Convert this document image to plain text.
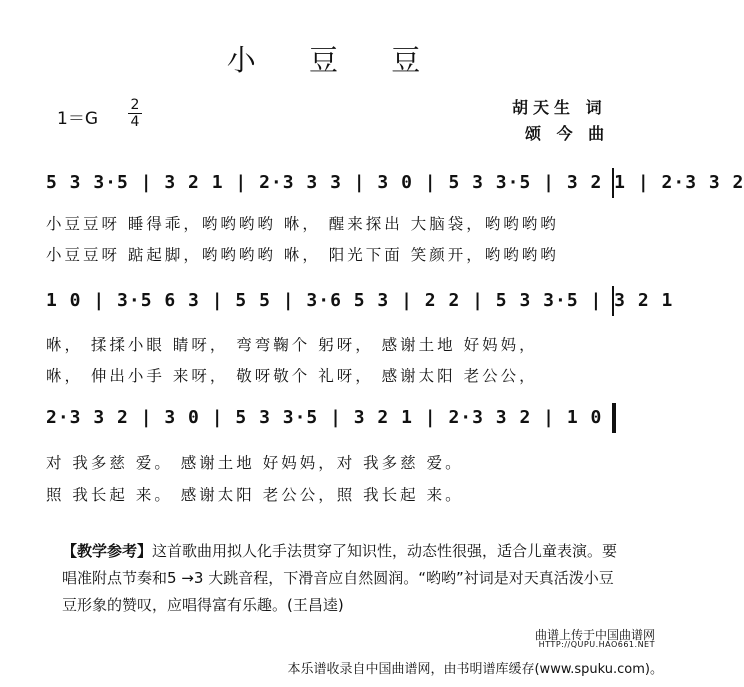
小 豆 豆
1＝G
2
4
胡天生 词
颂 今 曲
5 3 3·5 | 3 2 1 | 2·3 3 3 | 3 0 | 5 3 3·5 | 3 2 1 | 2·3 3 2
小豆豆呀 睡得乖，哟哟哟哟 咻， 醒来探出 大脑袋，哟哟哟哟
小豆豆呀 踮起脚，哟哟哟哟 咻， 阳光下面 笑颜开，哟哟哟哟
1 0 | 3·5 6 3 | 5 5 | 3·6 5 3 | 2 2 | 5 3 3·5 | 3 2 1
咻， 揉揉小眼 睛呀， 弯弯鞠个 躬呀， 感谢土地 好妈妈，
咻， 伸出小手 来呀， 敬呀敬个 礼呀， 感谢太阳 老公公，
2·3 3 2 | 3 0 | 5 3 3·5 | 3 2 1 | 2·3 3 2 | 1 0
对 我多慈 爱。 感谢土地 好妈妈，对 我多慈 爱。
照 我长起 来。 感谢太阳 老公公，照 我长起 来。
【教学参考】这首歌曲用拟人化手法贯穿了知识性，动态性很强，适合儿童表演。要唱准附点节奏和5 →3 大跳音程，下滑音应自然圆润。“哟哟”衬词是对天真活泼小豆豆形象的赞叹，应唱得富有乐趣。(王昌逵)
曲谱上传于中国曲谱网
HTTP://QUPU.HAO661.NET
本乐谱收录自中国曲谱网，由书明谱库缓存(www.spuku.com)。
